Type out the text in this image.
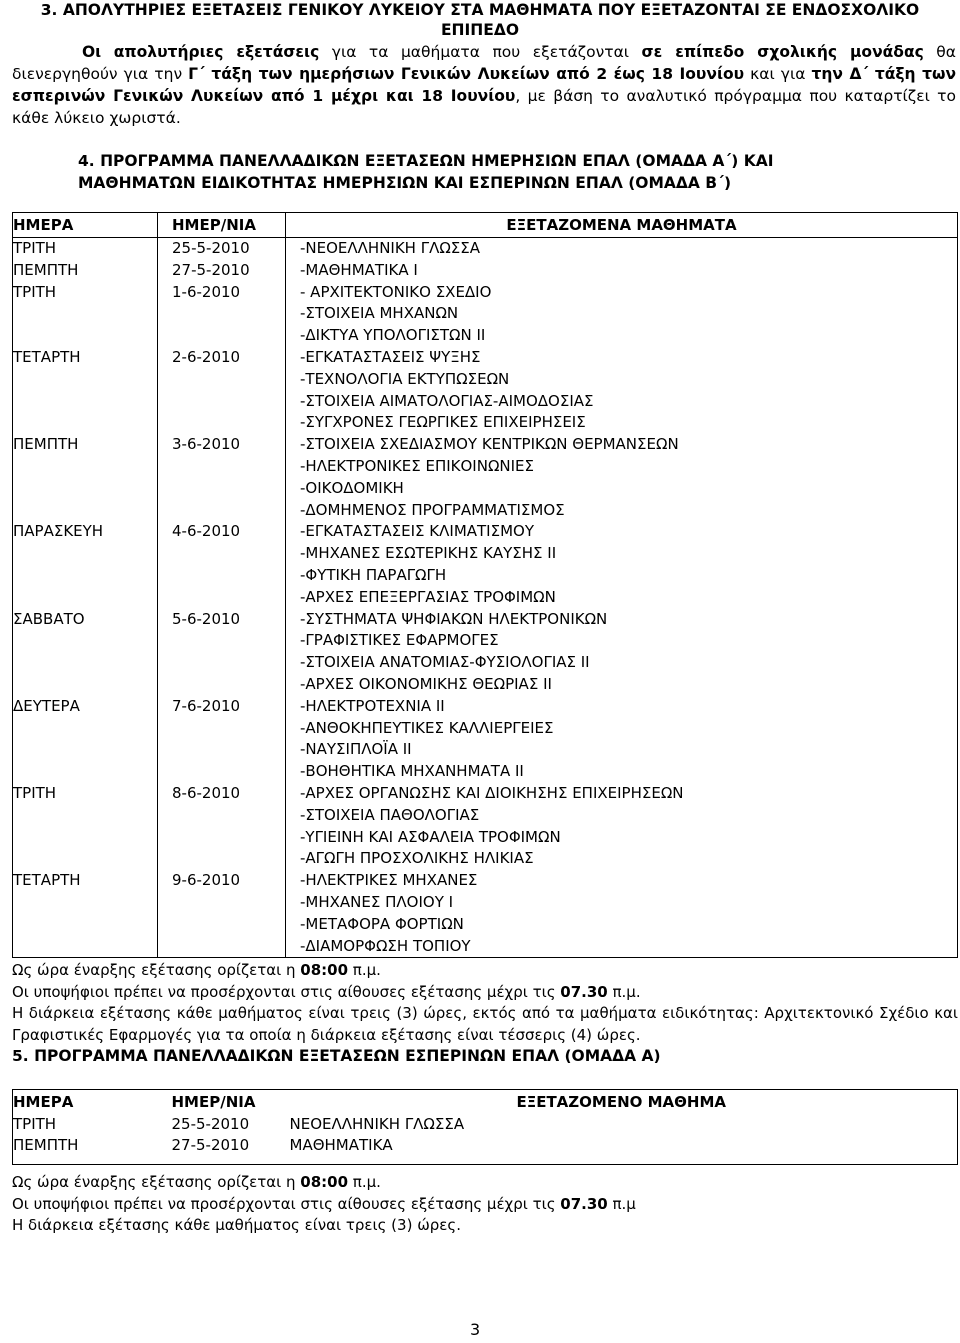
3. ΑΠΟΛΥΤΗΡΙΕΣ ΕΞΕΤΑΣΕΙΣ ΓΕΝΙΚΟΥ ΛΥΚΕΙΟΥ ΣΤΑ ΜΑΘΗΜΑΤΑ ΠΟΥ ΕΞΕΤΑΖΟΝΤΑΙ ΣΕ ΕΝΔΟΣΧΟΛΙΚΟ
ΕΠΙΠΕΔΟ

Οι απολυτήριες εξετάσεις για τα μαθήματα που εξετάζονται σε επίπεδο σχολικής μονάδας θα διενεργηθούν για την Γ΄ τάξη των ημερήσιων Γενικών Λυκείων από 2 έως 18 Ιουνίου και για την Δ΄ τάξη των εσπερινών Γενικών Λυκείων από 1 μέχρι και 18 Ιουνίου, με βάση το αναλυτικό πρόγραμμα που καταρτίζει το κάθε λύκειο χωριστά.

4. ΠΡΟΓΡΑΜΜΑ ΠΑΝΕΛΛΑΔΙΚΩΝ ΕΞΕΤΑΣΕΩΝ ΗΜΕΡΗΣΙΩΝ ΕΠΑΛ (ΟΜΑΔΑ Α΄) ΚΑΙ
ΜΑΘΗΜΑΤΩΝ ΕΙΔΙΚΟΤΗΤΑΣ ΗΜΕΡΗΣΙΩΝ ΚΑΙ ΕΣΠΕΡΙΝΩΝ ΕΠΑΛ (ΟΜΑΔΑ Β΄)
ΗΜΕΡΑ	ΗΜΕΡ/ΝΙΑ	ΕΞΕΤΑΖΟΜΕΝΑ ΜΑΘΗΜΑΤΑ
ΤΡΙΤΗ	25-5-2010	-ΝΕΟΕΛΛΗΝΙΚΗ ΓΛΩΣΣΑ
ΠΕΜΠΤΗ	27-5-2010	-ΜΑΘΗΜΑΤΙΚΑ Ι
ΤΡΙΤΗ	1-6-2010	- ΑΡΧΙΤΕΚΤΟΝΙΚΟ ΣΧΕΔΙΟ
		-ΣΤΟΙΧΕΙΑ ΜΗΧΑΝΩΝ
		-ΔΙΚΤΥΑ ΥΠΟΛΟΓΙΣΤΩΝ ΙΙ
ΤΕΤΑΡΤΗ	2-6-2010	-ΕΓΚΑΤΑΣΤΑΣΕΙΣ ΨΥΞΗΣ
		-ΤΕΧΝΟΛΟΓΙΑ ΕΚΤΥΠΩΣΕΩΝ
		-ΣΤΟΙΧΕΙΑ ΑΙΜΑΤΟΛΟΓΙΑΣ-ΑΙΜΟΔΟΣΙΑΣ
		-ΣΥΓΧΡΟΝΕΣ ΓΕΩΡΓΙΚΕΣ ΕΠΙΧΕΙΡΗΣΕΙΣ
ΠΕΜΠΤΗ	3-6-2010	-ΣΤΟΙΧΕΙΑ ΣΧΕΔΙΑΣΜΟΥ ΚΕΝΤΡΙΚΩΝ ΘΕΡΜΑΝΣΕΩΝ
		-ΗΛΕΚΤΡΟΝΙΚΕΣ ΕΠΙΚΟΙΝΩΝΙΕΣ
		-ΟΙΚΟΔΟΜΙΚΗ
		-ΔΟΜΗΜΕΝΟΣ ΠΡΟΓΡΑΜΜΑΤΙΣΜΟΣ
ΠΑΡΑΣΚΕΥΗ	4-6-2010	-ΕΓΚΑΤΑΣΤΑΣΕΙΣ ΚΛΙΜΑΤΙΣΜΟΥ
		-ΜΗΧΑΝΕΣ ΕΣΩΤΕΡΙΚΗΣ ΚΑΥΣΗΣ ΙΙ
		-ΦΥΤΙΚΗ ΠΑΡΑΓΩΓΗ
		-ΑΡΧΕΣ ΕΠΕΞΕΡΓΑΣΙΑΣ ΤΡΟΦΙΜΩΝ
ΣΑΒΒΑΤΟ	5-6-2010	-ΣΥΣΤΗΜΑΤΑ ΨΗΦΙΑΚΩΝ ΗΛΕΚΤΡΟΝΙΚΩΝ
		-ΓΡΑΦΙΣΤΙΚΕΣ ΕΦΑΡΜΟΓΕΣ
		-ΣΤΟΙΧΕΙΑ ΑΝΑΤΟΜΙΑΣ-ΦΥΣΙΟΛΟΓΙΑΣ ΙΙ
		-ΑΡΧΕΣ ΟΙΚΟΝΟΜΙΚΗΣ ΘΕΩΡΙΑΣ ΙΙ
ΔΕΥΤΕΡΑ	7-6-2010	-ΗΛΕΚΤΡΟΤΕΧΝΙΑ ΙΙ
		-ΑΝΘΟΚΗΠΕΥΤΙΚΕΣ ΚΑΛΛΙΕΡΓΕΙΕΣ
		-ΝΑΥΣΙΠΛΟΪΑ ΙΙ
		-ΒΟΗΘΗΤΙΚΑ ΜΗΧΑΝΗΜΑΤΑ ΙΙ
ΤΡΙΤΗ	8-6-2010	-ΑΡΧΕΣ ΟΡΓΑΝΩΣΗΣ ΚΑΙ ΔΙΟΙΚΗΣΗΣ ΕΠΙΧΕΙΡΗΣΕΩΝ
		-ΣΤΟΙΧΕΙΑ ΠΑΘΟΛΟΓΙΑΣ
		-ΥΓΙΕΙΝΗ ΚΑΙ ΑΣΦΑΛΕΙΑ ΤΡΟΦΙΜΩΝ
		-ΑΓΩΓΗ ΠΡΟΣΧΟΛΙΚΗΣ ΗΛΙΚΙΑΣ
ΤΕΤΑΡΤΗ	9-6-2010	-ΗΛΕΚΤΡΙΚΕΣ ΜΗΧΑΝΕΣ
		-ΜΗΧΑΝΕΣ ΠΛΟΙΟΥ Ι
		-ΜΕΤΑΦΟΡΑ ΦΟΡΤΙΩΝ
		-ΔΙΑΜΟΡΦΩΣΗ ΤΟΠΙΟΥ

Ως ώρα έναρξης εξέτασης ορίζεται η 08:00 π.μ.

Οι υποψήφιοι πρέπει να προσέρχονται στις αίθουσες εξέτασης μέχρι τις 07.30 π.μ.

Η διάρκεια εξέτασης κάθε μαθήματος είναι τρεις (3) ώρες, εκτός από τα μαθήματα ειδικότητας: Αρχιτεκτονικό Σχέδιο και Γραφιστικές Εφαρμογές για τα οποία η διάρκεια εξέτασης είναι τέσσερις (4) ώρες.

5. ΠΡΟΓΡΑΜΜΑ ΠΑΝΕΛΛΑΔΙΚΩΝ ΕΞΕΤΑΣΕΩΝ ΕΣΠΕΡΙΝΩΝ ΕΠΑΛ (ΟΜΑΔΑ Α)
ΗΜΕΡΑ	ΗΜΕΡ/ΝΙΑ	ΕΞΕΤΑΖΟΜΕΝΟ ΜΑΘΗΜΑ
ΤΡΙΤΗ	25-5-2010	ΝΕΟΕΛΛΗΝΙΚΗ ΓΛΩΣΣΑ
ΠΕΜΠΤΗ	27-5-2010	ΜΑΘΗΜΑΤΙΚΑ

Ως ώρα έναρξης εξέτασης ορίζεται η 08:00 π.μ.

Οι υποψήφιοι πρέπει να προσέρχονται στις αίθουσες εξέτασης μέχρι τις 07.30 π.μ

Η διάρκεια εξέτασης κάθε μαθήματος είναι τρεις (3) ώρες.

3
